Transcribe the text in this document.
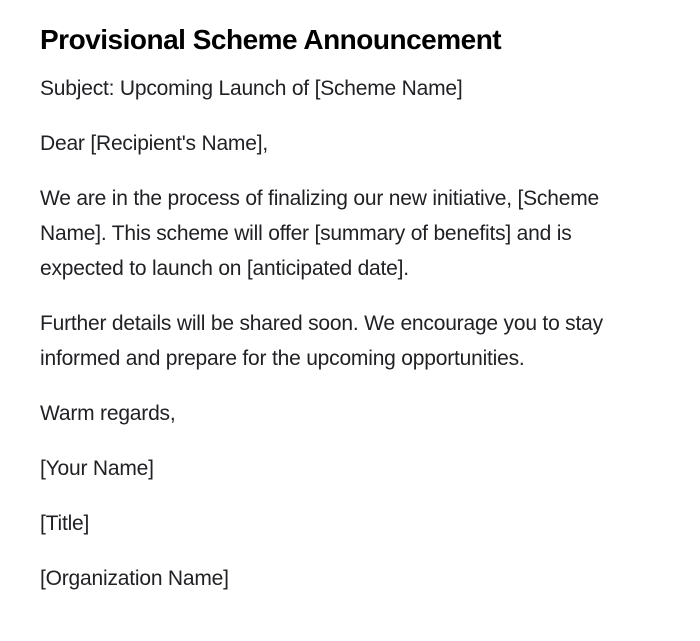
Provisional Scheme Announcement

Subject: Upcoming Launch of [Scheme Name]

Dear [Recipient's Name],

We are in the process of finalizing our new initiative, [Scheme
Name]. This scheme will offer [summary of benefits] and is
expected to launch on [anticipated date].

Further details will be shared soon. We encourage you to stay
informed and prepare for the upcoming opportunities.

Warm regards,

[Your Name]

[Title]

[Organization Name]
